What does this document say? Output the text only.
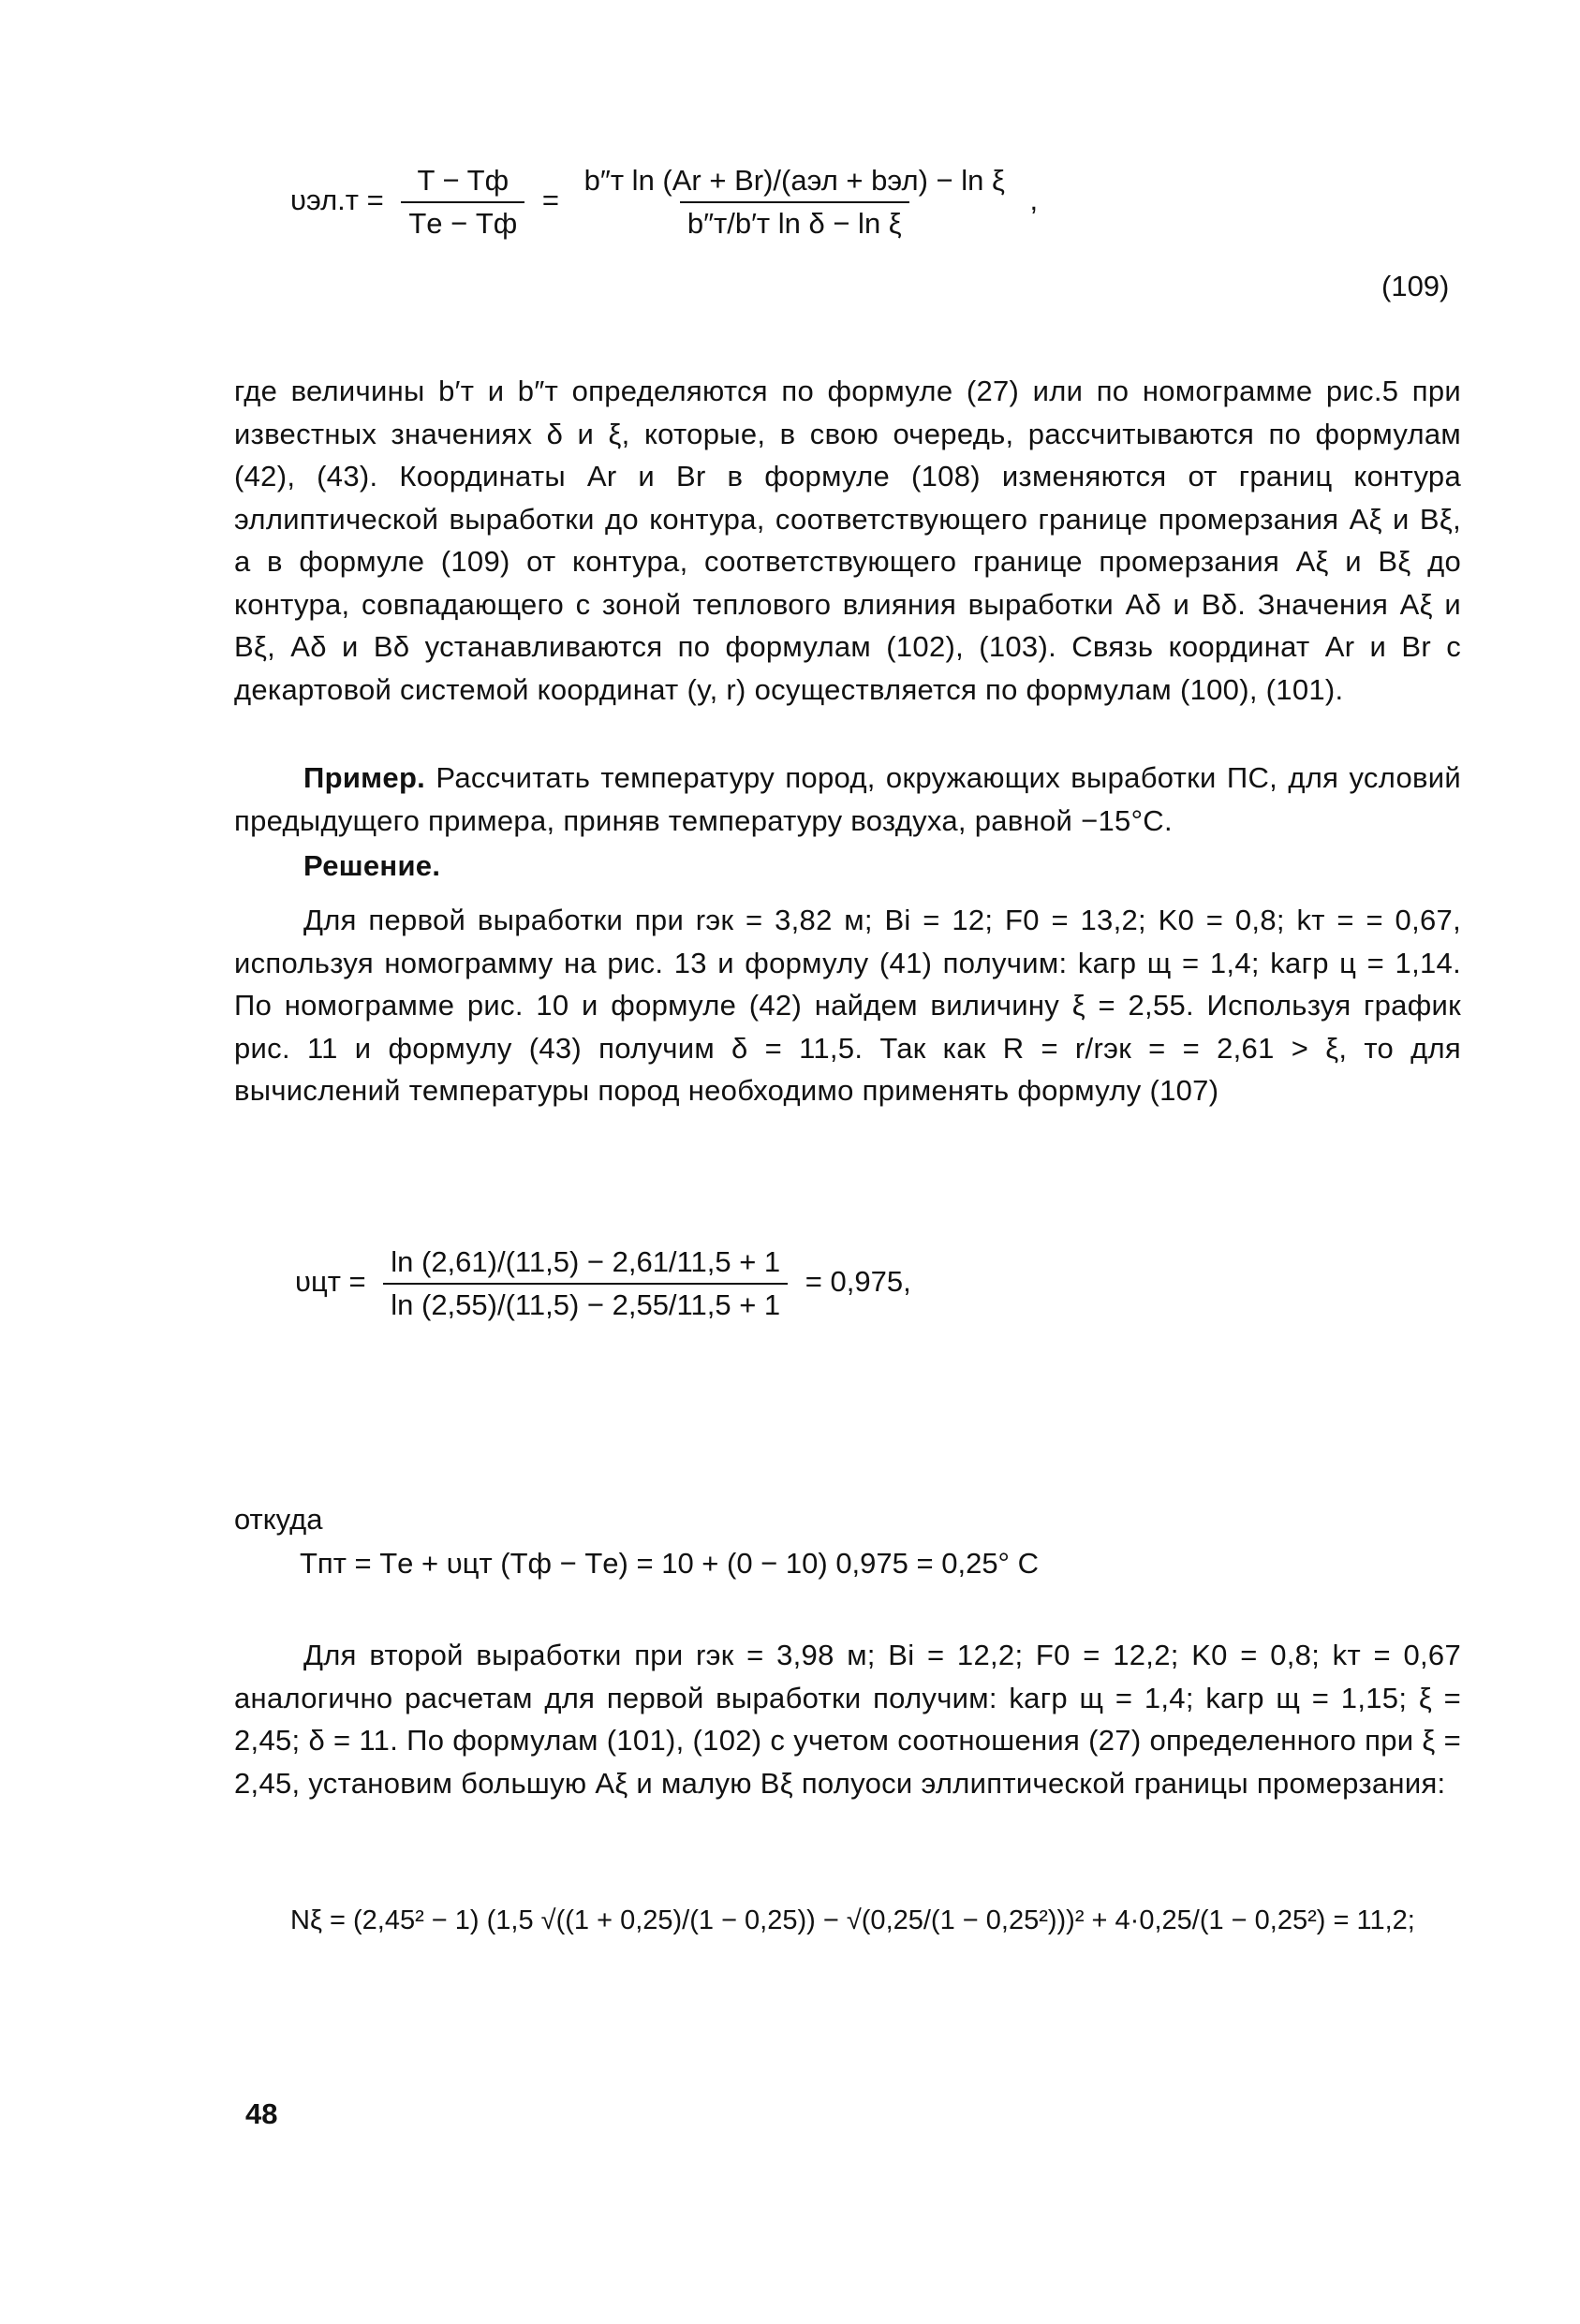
$\upsilon эл.т = \frac{T - Tф}{Tе - Tф} = \frac{\text{b″т ln (Ar + Br)/(aэл + bэл) − ln ξ}}{\text{b″т/b′т ln δ − ln ξ}}$ ,
(109)
где величины b′т и b″т определяются по формуле (27) или по номограмме рис.5 при известных значениях δ и ξ, которые, в свою очередь, рассчитываются по формулам (42), (43). Координаты Ar и Br в формуле (108) изменяются от границ контура эллиптической выработки до контура, соответствующего границе промерзания Aξ и Bξ, а в формуле (109) от контура, соответствующего границе промерзания Aξ и Bξ до контура, совпадающего с зоной теплового влияния выработки Aδ и Bδ. Значения Aξ и Bξ, Aδ и Bδ устанавливаются по формулам (102), (103). Связь координат Ar и Br с декартовой системой координат (y, r) осуществляется по формулам (100), (101).
Пример. Рассчитать температуру пород, окружающих выработки ПС, для условий предыдущего примера, приняв температуру воздуха, равной −15°C.
Решение.
Для первой выработки при rэк = 3,82 м; Bi = 12; F0 = 13,2; K0 = 0,8; kт = = 0,67, используя номограмму на рис. 13 и формулу (41) получим: kагр щ = 1,4; kагр ц = 1,14. По номограмме рис. 10 и формуле (42) найдем виличину ξ = 2,55. Используя график рис. 11 и формулу (43) получим δ = 11,5. Так как R = r/rэк = = 2,61 > ξ, то для вычислений температуры пород необходимо применять формулу (107)
$\upsilon цт = \frac{\ln (2,61)/(11,5) - 2,61/11,5 + 1}{\ln (2,55)/(11,5) - 2,55/11,5 + 1} = 0,975$,
откуда
Tпт = Tе + υцт (Tф − Tе) = 10 + (0 − 10) 0,975 = 0,25° C
Для второй выработки при rэк = 3,98 м; Bi = 12,2; F0 = 12,2; K0 = 0,8; kт = 0,67 аналогично расчетам для первой выработки получим: kагр щ = 1,4; kагр щ = 1,15; ξ = 2,45; δ = 11. По формулам (101), (102) с учетом соотношения (27) определенного при ξ = 2,45, установим большую Aξ и малую Bξ полуоси эллиптической границы промерзания:
Nξ = (2,45² − 1) (1,5 √((1 + 0,25)/(1 − 0,25)) − √(0,25/(1 − 0,25²)))² + 4·0,25/(1 − 0,25²) = 11,2;
48
